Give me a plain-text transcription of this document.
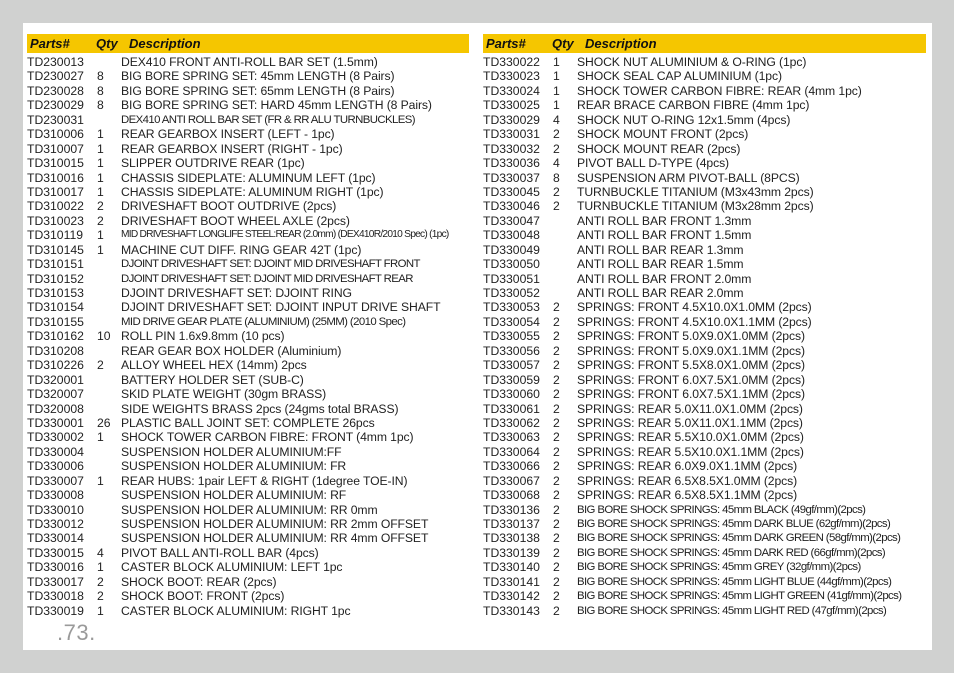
Parts# Qty Description
TD230013	DEX410 FRONT ANTI-ROLL BAR SET (1.5mm)
TD230027 8 BIG BORE SPRING SET: 45mm LENGTH (8 Pairs)
TD230028 8 BIG BORE SPRING SET: 65mm LENGTH (8 Pairs)
TD230029 8 BIG BORE SPRING SET: HARD 45mm LENGTH (8 Pairs)
TD230031	DEX410 ANTI ROLL BAR SET (FR & RR ALU TURNBUCKLES)
TD310006 1 REAR GEARBOX INSERT (LEFT - 1pc)
TD310007 1 REAR GEARBOX INSERT (RIGHT - 1pc)
TD310015 1 SLIPPER OUTDRIVE REAR (1pc)
TD310016 1 CHASSIS SIDEPLATE: ALUMINUM LEFT (1pc)
TD310017 1 CHASSIS SIDEPLATE: ALUMINUM RIGHT (1pc)
TD310022 2 DRIVESHAFT BOOT OUTDRIVE (2pcs)
TD310023 2 DRIVESHAFT BOOT WHEEL AXLE (2pcs)
TD310119 1 MID DRIVESHAFT LONGLIFE STEEL:REAR (2.0mm) (DEX410R/2010 Spec) (1pc)
TD310145 1 MACHINE CUT DIFF. RING GEAR 42T (1pc)
TD310151	DJOINT DRIVESHAFT SET: DJOINT MID DRIVESHAFT FRONT
TD310152	DJOINT DRIVESHAFT SET: DJOINT MID DRIVESHAFT REAR
TD310153	DJOINT DRIVESHAFT SET: DJOINT RING
TD310154	DJOINT DRIVESHAFT SET: DJOINT INPUT DRIVE SHAFT
TD310155	MID DRIVE GEAR PLATE (ALUMINIUM) (25MM) (2010 Spec)
TD310162 10 ROLL PIN 1.6x9.8mm (10 pcs)
TD310208	REAR GEAR BOX HOLDER (Aluminium)
TD310226 2 ALLOY WHEEL HEX (14mm) 2pcs
TD320001	BATTERY HOLDER SET (SUB-C)
TD320007	SKID PLATE WEIGHT (30gm BRASS)
TD320008	SIDE WEIGHTS BRASS 2pcs (24gms total BRASS)
TD330001 26 PLASTIC BALL JOINT SET: COMPLETE 26pcs
TD330002 1 SHOCK TOWER CARBON FIBRE: FRONT (4mm 1pc)
TD330004	SUSPENSION HOLDER ALUMINIUM:FF
TD330006	SUSPENSION HOLDER ALUMINIUM: FR
TD330007 1 REAR HUBS: 1pair LEFT & RIGHT (1degree TOE-IN)
TD330008	SUSPENSION HOLDER ALUMINIUM: RF
TD330010	SUSPENSION HOLDER ALUMINIUM: RR 0mm
TD330012	SUSPENSION HOLDER ALUMINIUM: RR 2mm OFFSET
TD330014	SUSPENSION HOLDER ALUMINIUM: RR 4mm OFFSET
TD330015 4 PIVOT BALL ANTI-ROLL BAR (4pcs)
TD330016 1 CASTER BLOCK ALUMINIUM: LEFT 1pc
TD330017 2 SHOCK BOOT: REAR (2pcs)
TD330018 2 SHOCK BOOT: FRONT (2pcs)
TD330019 1 CASTER BLOCK ALUMINIUM: RIGHT 1pc
Parts# Qty Description
TD330022 1 SHOCK NUT ALUMINIUM & O-RING (1pc)
TD330023 1 SHOCK SEAL CAP ALUMINIUM (1pc)
TD330024 1 SHOCK TOWER CARBON FIBRE: REAR (4mm 1pc)
TD330025 1 REAR BRACE CARBON FIBRE (4mm 1pc)
TD330029 4 SHOCK NUT O-RING 12x1.5mm (4pcs)
TD330031 2 SHOCK MOUNT FRONT (2pcs)
TD330032 2 SHOCK MOUNT REAR (2pcs)
TD330036 4 PIVOT BALL D-TYPE (4pcs)
TD330037 8 SUSPENSION ARM PIVOT-BALL (8PCS)
TD330045 2 TURNBUCKLE TITANIUM (M3x43mm 2pcs)
TD330046 2 TURNBUCKLE TITANIUM (M3x28mm 2pcs)
TD330047	ANTI ROLL BAR FRONT 1.3mm
TD330048	ANTI ROLL BAR FRONT 1.5mm
TD330049	ANTI ROLL BAR REAR 1.3mm
TD330050	ANTI ROLL BAR REAR 1.5mm
TD330051	ANTI ROLL BAR FRONT 2.0mm
TD330052	ANTI ROLL BAR REAR 2.0mm
TD330053 2 SPRINGS: FRONT 4.5X10.0X1.0MM (2pcs)
TD330054 2 SPRINGS: FRONT 4.5X10.0X1.1MM (2pcs)
TD330055 2 SPRINGS: FRONT 5.0X9.0X1.0MM (2pcs)
TD330056 2 SPRINGS: FRONT 5.0X9.0X1.1MM (2pcs)
TD330057 2 SPRINGS: FRONT 5.5X8.0X1.0MM (2pcs)
TD330059 2 SPRINGS: FRONT 6.0X7.5X1.0MM (2pcs)
TD330060 2 SPRINGS: FRONT 6.0X7.5X1.1MM (2pcs)
TD330061 2 SPRINGS: REAR 5.0X11.0X1.0MM (2pcs)
TD330062 2 SPRINGS: REAR 5.0X11.0X1.1MM (2pcs)
TD330063 2 SPRINGS: REAR 5.5X10.0X1.0MM (2pcs)
TD330064 2 SPRINGS: REAR 5.5X10.0X1.1MM (2pcs)
TD330066 2 SPRINGS: REAR 6.0X9.0X1.1MM (2pcs)
TD330067 2 SPRINGS: REAR 6.5X8.5X1.0MM (2pcs)
TD330068 2 SPRINGS: REAR 6.5X8.5X1.1MM (2pcs)
TD330136 2 BIG BORE SHOCK SPRINGS: 45mm BLACK (49gf/mm)(2pcs)
TD330137 2 BIG BORE SHOCK SPRINGS: 45mm DARK BLUE (62gf/mm)(2pcs)
TD330138 2 BIG BORE SHOCK SPRINGS: 45mm DARK GREEN (58gf/mm)(2pcs)
TD330139 2 BIG BORE SHOCK SPRINGS: 45mm DARK RED (66gf/mm)(2pcs)
TD330140 2 BIG BORE SHOCK SPRINGS: 45mm GREY (32gf/mm)(2pcs)
TD330141 2 BIG BORE SHOCK SPRINGS: 45mm LIGHT BLUE (44gf/mm)(2pcs)
TD330142 2 BIG BORE SHOCK SPRINGS: 45mm LIGHT GREEN (41gf/mm)(2pcs)
TD330143 2 BIG BORE SHOCK SPRINGS: 45mm LIGHT RED (47gf/mm)(2pcs)
.73.
